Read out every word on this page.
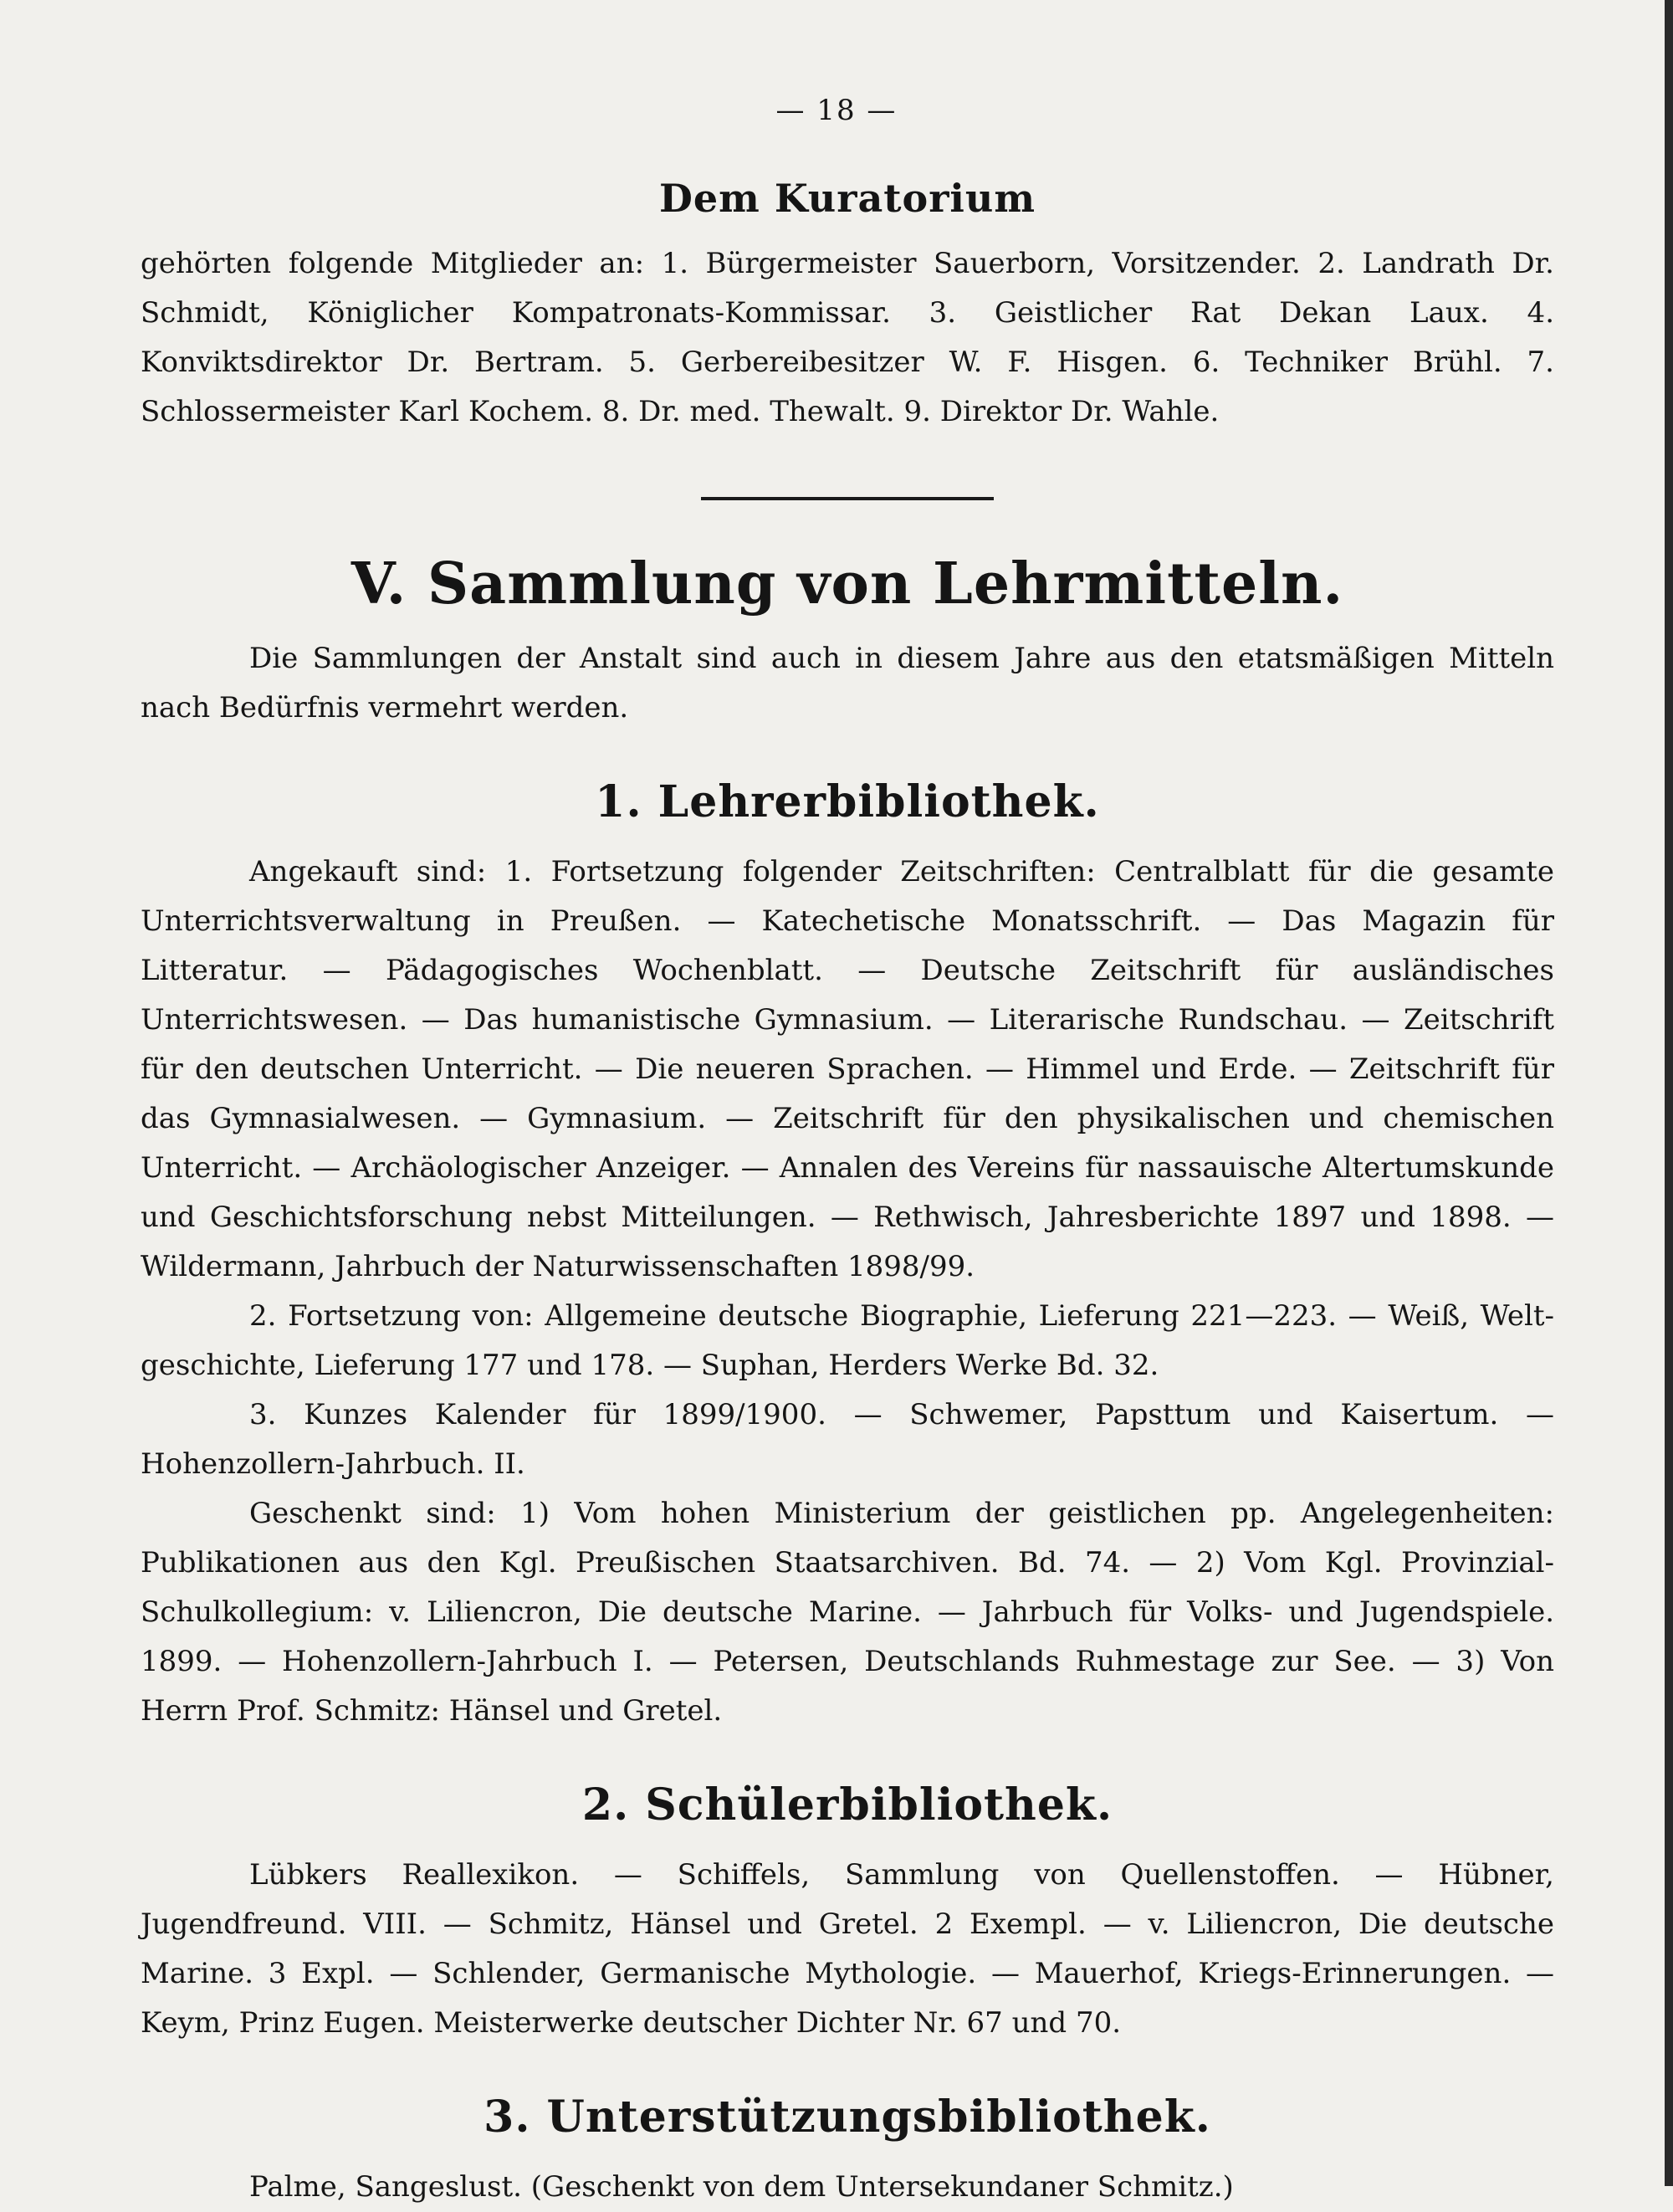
— 18 —
Dem Kuratorium

gehörten folgende Mitglieder an: 1. Bürgermeister Sauerborn, Vorsitzender. 2. Landrath Dr. Schmidt, Königlicher Kompatronats-Kommissar. 3. Geistlicher Rat Dekan Laux. 4. Konviktsdirektor Dr. Bertram. 5. Gerbereibesitzer W. F. Hisgen. 6. Techniker Brühl. 7. Schlossermeister Karl Kochem. 8. Dr. med. Thewalt. 9. Direktor Dr. Wahle.

V. Sammlung von Lehrmitteln.

Die Sammlungen der Anstalt sind auch in diesem Jahre aus den etatsmäßigen Mitteln nach Bedürfnis vermehrt werden.

1. Lehrerbibliothek.

Angekauft sind: 1. Fortsetzung folgender Zeitschriften: Centralblatt für die gesamte Unterrichtsverwaltung in Preußen. — Katechetische Monatsschrift. — Das Magazin für Litteratur. — Pädagogisches Wochenblatt. — Deutsche Zeitschrift für ausländisches Unterrichtswesen. — Das humanistische Gymnasium. — Literarische Rundschau. — Zeitschrift für den deutschen Unterricht. — Die neueren Sprachen. — Himmel und Erde. — Zeitschrift für das Gymnasialwesen. — Gymnasium. — Zeitschrift für den physikalischen und chemischen Unterricht. — Archäologischer Anzeiger. — Annalen des Vereins für nassauische Altertumskunde und Geschichtsforschung nebst Mitteilungen. — Rethwisch, Jahresberichte 1897 und 1898. — Wildermann, Jahrbuch der Naturwissenschaften 1898/99.

2. Fortsetzung von: Allgemeine deutsche Biographie, Lieferung 221—223. — Weiß, Weltgeschichte, Lieferung 177 und 178. — Suphan, Herders Werke Bd. 32.

3. Kunzes Kalender für 1899/1900. — Schwemer, Papsttum und Kaisertum. — Hohenzollern-Jahrbuch. II.

Geschenkt sind: 1) Vom hohen Ministerium der geistlichen pp. Angelegenheiten: Publikationen aus den Kgl. Preußischen Staatsarchiven. Bd. 74. — 2) Vom Kgl. Provinzial-Schulkollegium: v. Liliencron, Die deutsche Marine. — Jahrbuch für Volks- und Jugendspiele. 1899. — Hohenzollern-Jahrbuch I. — Petersen, Deutschlands Ruhmestage zur See. — 3) Von Herrn Prof. Schmitz: Hänsel und Gretel.

2. Schülerbibliothek.

Lübkers Reallexikon. — Schiffels, Sammlung von Quellenstoffen. — Hübner, Jugendfreund. VIII. — Schmitz, Hänsel und Gretel. 2 Exempl. — v. Liliencron, Die deutsche Marine. 3 Expl. — Schlender, Germanische Mythologie. — Mauerhof, Kriegs-Erinnerungen. — Keym, Prinz Eugen. Meisterwerke deutscher Dichter Nr. 67 und 70.

3. Unterstützungsbibliothek.

Palme, Sangeslust. (Geschenkt von dem Untersekundaner Schmitz.)
